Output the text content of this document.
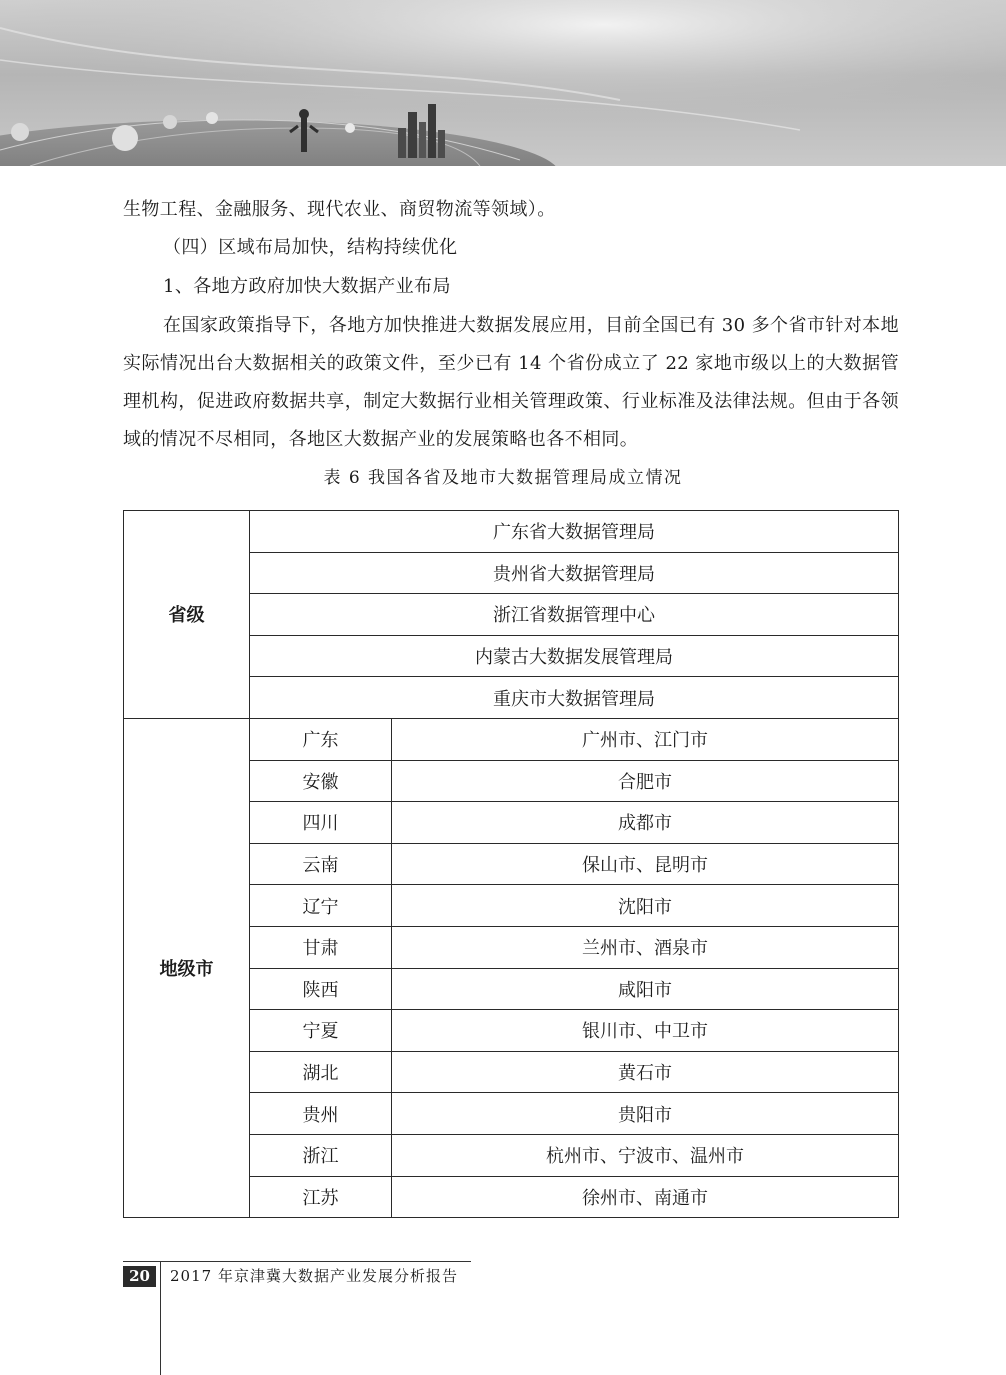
生物工程、金融服务、现代农业、商贸物流等领域）。

（四）区域布局加快，结构持续优化

1、各地方政府加快大数据产业布局

在国家政策指导下，各地方加快推进大数据发展应用，目前全国已有 30 多个省市针对本地实际情况出台大数据相关的政策文件，至少已有 14 个省份成立了 22 家地市级以上的大数据管理机构，促进政府数据共享，制定大数据行业相关管理政策、行业标准及法律法规。但由于各领域的情况不尽相同，各地区大数据产业的发展策略也各不相同。

表 6 我国各省及地市大数据管理局成立情况
省级	广东省大数据管理局	
	贵州省大数据管理局	
	浙江省数据管理中心	
	内蒙古大数据发展管理局	
	重庆市大数据管理局	
地级市	广东	广州市、江门市
	安徽	合肥市
	四川	成都市
	云南	保山市、昆明市
	辽宁	沈阳市
	甘肃	兰州市、酒泉市
	陕西	咸阳市
	宁夏	银川市、中卫市
	湖北	黄石市
	贵州	贵阳市
	浙江	杭州市、宁波市、温州市
	江苏	徐州市、南通市
20	2017 年京津冀大数据产业发展分析报告
